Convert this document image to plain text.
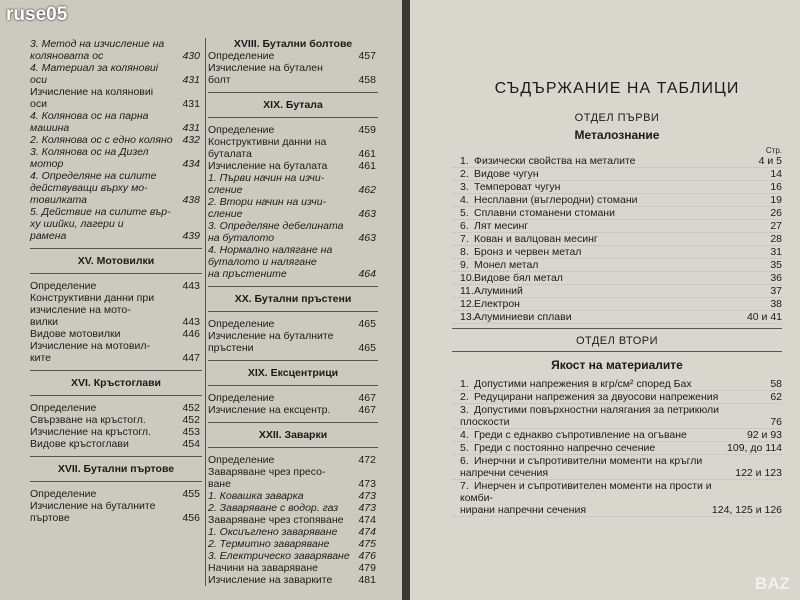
3. Метод на изчисление на
коляновата ос	430
4. Материал за коляновиі
оси	431
Изчисление на коляновиі
оси	431
4. Коляновa ос на парна
машина	431
2. Колянова ос с едно коляно 432
3. Колянова ос на Дизел
мотор	434
4. Определяне на силите
действуващи върху мо-
товилката	438
5. Действие на силите вър-
ху шийки, лагери и
рамена	439
XV. Мотовилки
Определение	443
Конструктивни данни при
изчисление на мото-
вилки	443
Видове мотовилки	446
Изчисление на мотовил-
ките	447
XVI. Кръстоглави
Определение	452
Свързване на кръстогл.	452
Изчисление на кръстогл.	453
Видове кръстоглави	454
XVII. Бутални пъртове
Определение	455
Изчисление на буталните
пъртове	456
XVIII. Бутални болтове
Определение	457
Изчисление на бутален
болт	458
XIX. Бутала
Определение	459
Конструктивни данни на
буталата	461
Изчисление на буталата	461
1. Първи начин на изчи-
сление	462
2. Втори начин на изчи-
сление	463
3. Определяне дебелината
на буталото	463
4. Нормално налягане на
буталото и налягане
на пръстените	464
XX. Бутални пръстени
Определение	465
Изчисление на буталните
пръстени	465
XIX. Ексцентрици
Определение	467
Изчисление на ексцентр.	467
XXII. Заварки
Определение	472
Заваряване чрез пресо-
ване	473
1. Ковашка заварка	473
2. Заваряване с водор. газ 473
Заваряване чрез стопяване 474
1. Оксиъглено заваряване 474
2. Термитно заваряване	475
3. Електрическо заваряване 476
Начини на заваряване	479
Изчисление на заварките 481
ruse05
СЪДЪРЖАНИЕ НА ТАБЛИЦИ
ОТДЕЛ ПЪРВИ
Металознание
Стр.
1. Физически свойства на металите	4 и 5
2. Видове чугун	14
3. Темпероват чугун	16
4. Несплавни (въглеродни) стомани	19
5. Сплавни стоманени стомани	26
6. Лят месинг	27
7. Кован и валцован месинг	28
8. Бронз и червен метал	31
9. Монел метал	35
10.Видове бял метал	36
11.Алуминий	37
12.Електрон	38
13.Алуминиеви сплави	40 и 41
ОТДЕЛ ВТОРИ
Якост на материалите
1. Допустими напрежения в кгр/см² според Бах	58
2. Редуцирани напрежения за двуосови напрежения	62
3. Допустими повърхностни налягания за петрикюли
плоскости	76
4. Греди с еднакво съпротивление на огъване	92 и 93
5. Греди с постоянно напречно сечение	109, до 114
6. Инерчни и съпротивителни моменти на кръгли
напречни сечения	122 и 123
7. Инерчен и съпротивителен моменти на прости и комби-
нирани напречни сечения	124, 125 и 126
BAZ
